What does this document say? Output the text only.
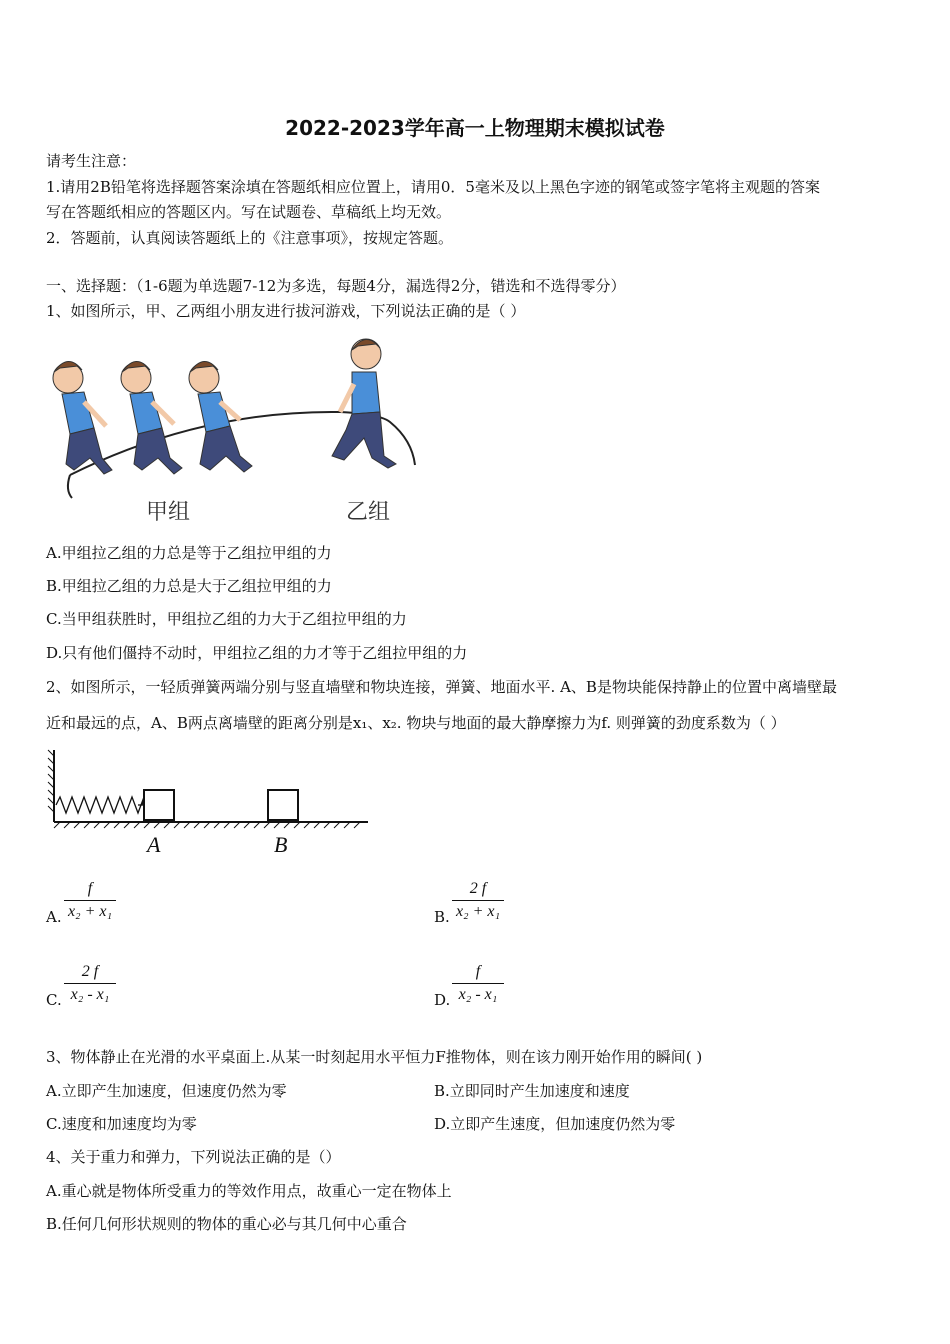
2022-2023学年高一上物理期末模拟试卷
请考生注意：
1.请用2B铅笔将选择题答案涂填在答题纸相应位置上，请用0．5毫米及以上黑色字迹的钢笔或签字笔将主观题的答案
写在答题纸相应的答题区内。写在试题卷、草稿纸上均无效。
2．答题前，认真阅读答题纸上的《注意事项》，按规定答题。
一、选择题：（1-6题为单选题7-12为多选，每题4分，漏选得2分，错选和不选得零分）
1、如图所示，甲、乙两组小朋友进行拔河游戏，下列说法正确的是（ ）
甲组	乙组
A.甲组拉乙组的力总是等于乙组拉甲组的力
B.甲组拉乙组的力总是大于乙组拉甲组的力
C.当甲组获胜时，甲组拉乙组的力大于乙组拉甲组的力
D.只有他们僵持不动时，甲组拉乙组的力才等于乙组拉甲组的力
2、如图所示，一轻质弹簧两端分别与竖直墙壁和物块连接，弹簧、地面水平. A、B是物块能保持静止的位置中离墙壁最
近和最远的点，A、B两点离墙壁的距离分别是x₁、x₂. 物块与地面的最大静摩擦力为f. 则弹簧的劲度系数为（ ）
A	B
A. $\frac{f}{\text{x₂ + x₁}}$	B. $\frac{2 f}{\text{x₂ + x₁}}$
C. $\frac{2 f}{\text{x₂ - x₁}}$	D. $\frac{f}{\text{x₂ - x₁}}$
3、物体静止在光滑的水平桌面上.从某一时刻起用水平恒力F推物体，则在该力刚开始作用的瞬间( )
A.立即产生加速度，但速度仍然为零	B.立即同时产生加速度和速度
C.速度和加速度均为零	D.立即产生速度，但加速度仍然为零
4、关于重力和弹力，下列说法正确的是（）
A.重心就是物体所受重力的等效作用点，故重心一定在物体上
B.任何几何形状规则的物体的重心必与其几何中心重合
